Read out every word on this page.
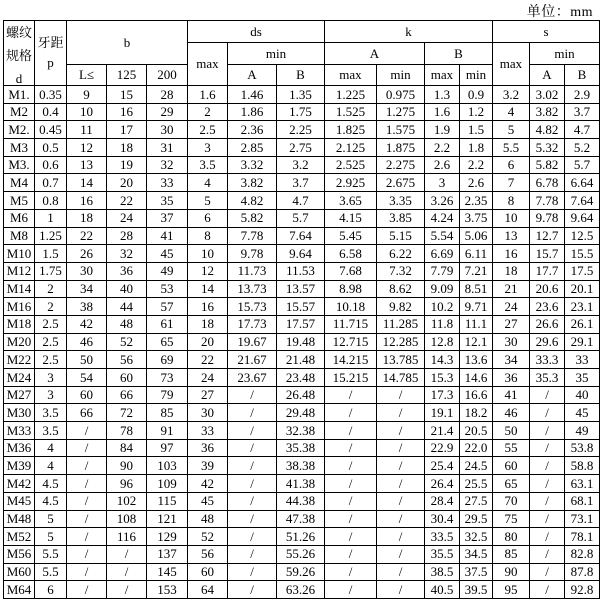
单位：mm
螺纹
规格
d	牙距
p	b			ds			k				s		
					max	min		A		B		max	min	
		L≤	125	200		A	B	max	min	max	min		A	B
M1.	0.35	9	15	28	1.6	1.46	1.35	1.225	0.975	1.3	0.9	3.2	3.02	2.9
M2	0.4	10	16	29	2	1.86	1.75	1.525	1.275	1.6	1.2	4	3.82	3.7
M2.	0.45	11	17	30	2.5	2.36	2.25	1.825	1.575	1.9	1.5	5	4.82	4.7
M3	0.5	12	18	31	3	2.85	2.75	2.125	1.875	2.2	1.8	5.5	5.32	5.2
M3.	0.6	13	19	32	3.5	3.32	3.2	2.525	2.275	2.6	2.2	6	5.82	5.7
M4	0.7	14	20	33	4	3.82	3.7	2.925	2.675	3	2.6	7	6.78	6.64
M5	0.8	16	22	35	5	4.82	4.7	3.65	3.35	3.26	2.35	8	7.78	7.64
M6	1	18	24	37	6	5.82	5.7	4.15	3.85	4.24	3.75	10	9.78	9.64
M8	1.25	22	28	41	8	7.78	7.64	5.45	5.15	5.54	5.06	13	12.7	12.5
M10	1.5	26	32	45	10	9.78	9.64	6.58	6.22	6.69	6.11	16	15.7	15.5
M12	1.75	30	36	49	12	11.73	11.53	7.68	7.32	7.79	7.21	18	17.7	17.5
M14	2	34	40	53	14	13.73	13.57	8.98	8.62	9.09	8.51	21	20.6	20.1
M16	2	38	44	57	16	15.73	15.57	10.18	9.82	10.2	9.71	24	23.6	23.1
M18	2.5	42	48	61	18	17.73	17.57	11.715	11.285	11.8	11.1	27	26.6	26.1
M20	2.5	46	52	65	20	19.67	19.48	12.715	12.285	12.8	12.1	30	29.6	29.1
M22	2.5	50	56	69	22	21.67	21.48	14.215	13.785	14.3	13.6	34	33.3	33
M24	3	54	60	73	24	23.67	23.48	15.215	14.785	15.3	14.6	36	35.3	35
M27	3	60	66	79	27	/	26.48	/	/	17.3	16.6	41	/	40
M30	3.5	66	72	85	30	/	29.48	/	/	19.1	18.2	46	/	45
M33	3.5	/	78	91	33	/	32.38	/	/	21.4	20.5	50	/	49
M36	4	/	84	97	36	/	35.38	/	/	22.9	22.0	55	/	53.8
M39	4	/	90	103	39	/	38.38	/	/	25.4	24.5	60	/	58.8
M42	4.5	/	96	109	42	/	41.38	/	/	26.4	25.5	65	/	63.1
M45	4.5	/	102	115	45	/	44.38	/	/	28.4	27.5	70	/	68.1
M48	5	/	108	121	48	/	47.38	/	/	30.4	29.5	75	/	73.1
M52	5	/	116	129	52	/	51.26	/	/	33.5	32.5	80	/	78.1
M56	5.5	/	/	137	56	/	55.26	/	/	35.5	34.5	85	/	82.8
M60	5.5	/	/	145	60	/	59.26	/	/	38.5	37.5	90	/	87.8
M64	6	/	/	153	64	/	63.26	/	/	40.5	39.5	95	/	92.8
